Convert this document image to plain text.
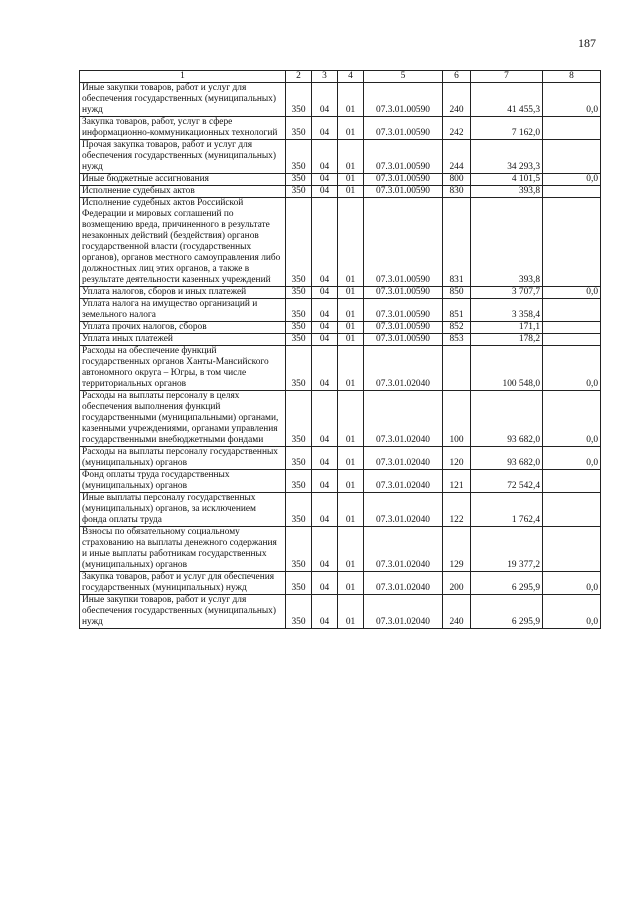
187
1	2	3	4	5	6	7	8
Иные закупки товаров, работ и услуг для обеспечения государственных (муниципальных) нужд	350	04	01	07.3.01.00590	240	41 455,3	0,0
Закупка товаров, работ, услуг в сфере информационно-коммуникационных технологий	350	04	01	07.3.01.00590	242	7 162,0	
Прочая закупка товаров, работ и услуг для обеспечения государственных (муниципальных) нужд	350	04	01	07.3.01.00590	244	34 293,3	
Иные бюджетные ассигнования	350	04	01	07.3.01.00590	800	4 101,5	0,0
Исполнение судебных актов	350	04	01	07.3.01.00590	830	393,8	
Исполнение судебных актов Российской Федерации и мировых соглашений по возмещению вреда, причиненного в результате незаконных действий (бездействия) органов государственной власти (государственных органов), органов местного самоуправления либо должностных лиц этих органов, а также в результате деятельности казенных учреждений	350	04	01	07.3.01.00590	831	393,8	
Уплата налогов, сборов и иных платежей	350	04	01	07.3.01.00590	850	3 707,7	0,0
Уплата налога на имущество организаций и земельного налога	350	04	01	07.3.01.00590	851	3 358,4	
Уплата прочих налогов, сборов	350	04	01	07.3.01.00590	852	171,1	
Уплата иных платежей	350	04	01	07.3.01.00590	853	178,2	
Расходы на обеспечение функций государственных органов Ханты-Мансийского автономного округа – Югры, в том числе территориальных органов	350	04	01	07.3.01.02040		100 548,0	0,0
Расходы на выплаты персоналу в целях обеспечения выполнения функций государственными (муниципальными) органами, казенными учреждениями, органами управления государственными внебюджетными фондами	350	04	01	07.3.01.02040	100	93 682,0	0,0
Расходы на выплаты персоналу государственных (муниципальных) органов	350	04	01	07.3.01.02040	120	93 682,0	0,0
Фонд оплаты труда государственных (муниципальных) органов	350	04	01	07.3.01.02040	121	72 542,4	
Иные выплаты персоналу государственных (муниципальных) органов, за исключением фонда оплаты труда	350	04	01	07.3.01.02040	122	1 762,4	
Взносы по обязательному социальному страхованию на выплаты денежного содержания и иные выплаты работникам государственных (муниципальных) органов	350	04	01	07.3.01.02040	129	19 377,2	
Закупка товаров, работ и услуг для обеспечения государственных (муниципальных) нужд	350	04	01	07.3.01.02040	200	6 295,9	0,0
Иные закупки товаров, работ и услуг для обеспечения государственных (муниципальных) нужд	350	04	01	07.3.01.02040	240	6 295,9	0,0
